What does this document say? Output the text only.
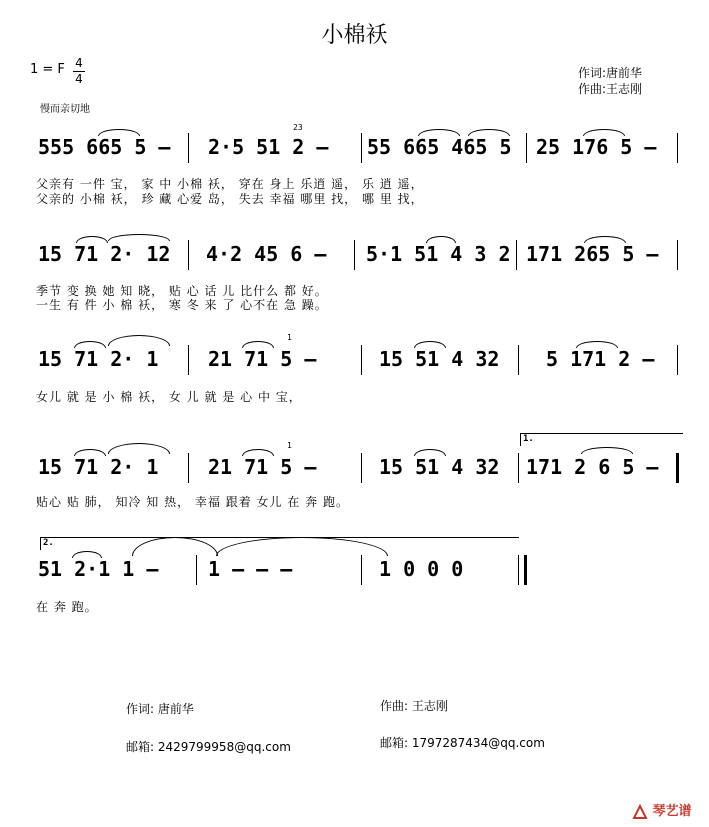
小棉袄
1 = F 4
4	作词:唐前华
作曲:王志刚
慢而亲切地
555 665 5 – 2·5 51 2 –
23
55 665 465 5 25 176 5 –
父亲有 一件 宝， 家 中 小棉 袄， 穿在 身上 乐逍 遥， 乐 逍 遥，
父亲的 小棉 袄， 珍 藏 心爱 岛， 失去 幸福 哪里 找， 哪 里 找，
15 71 2· 12 4·2 45 6 – 5·1 51 4 3 2 171 265 5 –
季节 变 换 她 知 晓， 贴 心 话 儿 比什么 都 好。
一生 有 件 小 棉 袄， 寒 冬 来 了 心不在 急 躁。
15 71 2· 1 21 71 5 –
1
15 51 4 32 5 171 2 –
女儿 就 是 小 棉 袄， 女 儿 就 是 心 中 宝，
15 71 2· 1 21 71 5 –
1
15 51 4 32 171 2 6 5 –
1.
贴心 贴 肺， 知冷 知 热， 幸福 跟着 女儿 在 奔 跑。
51 2·1 1 – 1 – – –	1 0 0 0
2.
在 奔 跑。
作词: 唐前华	作曲: 王志刚
邮箱: 2429799958@qq.com	邮箱: 1797287434@qq.com
琴艺谱
